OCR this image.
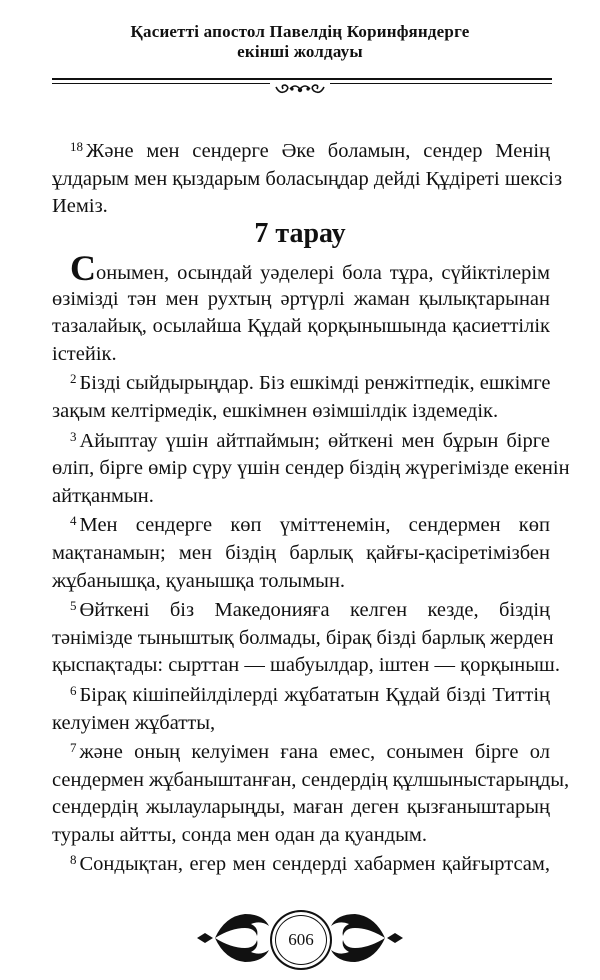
Қасиетті апостол Павелдің Коринфяндерге
екінші жолдауы
$^{18}$ Және мен сендерге Әке боламын, сендер Менің
ұлдарым мен қыздарым боласыңдар дейді Құдіреті шексіз
Иеміз.
7 тарау
Сонымен, осындай уәделері бола тұра, сүйіктілерім
өзімізді тән мен рухтың әртүрлі жаман қылықтарынан
тазалайық, осылайша Құдай қорқынышында қасиеттілік
істейік.
$^2$ Бізді сыйдырыңдар. Біз ешкімді ренжітпедік, ешкімге
зақым келтірмедік, ешкімнен өзімшілдік іздемедік.
$^3$ Айыптау үшін айтпаймын; өйткені мен бұрын бірге
өліп, бірге өмір сүру үшін сендер біздің жүрегімізде екенін
айтқанмын.
$^4$ Мен сендерге көп үміттенемін, сендермен көп
мақтанамын; мен біздің барлық қайғы-қасіретімізбен
жұбанышқа, қуанышқа толымын.
$^5$ Өйткені біз Македонияға келген кезде, біздің
тәнімізде тыныштық болмады, бірақ бізді барлық жерден
қыспақтады: сырттан — шабуылдар, іштен — қорқыныш.
$^6$ Бірақ кішіпейілділерді жұбататын Құдай бізді Титтің
келуімен жұбатты,
$^7$ және оның келуімен ғана емес, сонымен бірге ол
сендермен жұбаныштанған, сендердің құлшыныстарыңды,
сендердің жылауларыңды, маған деген қызғаныштарың
туралы айтты, сонда мен одан да қуандым.
$^8$ Сондықтан, егер мен сендерді хабармен қайғыртсам,
606
